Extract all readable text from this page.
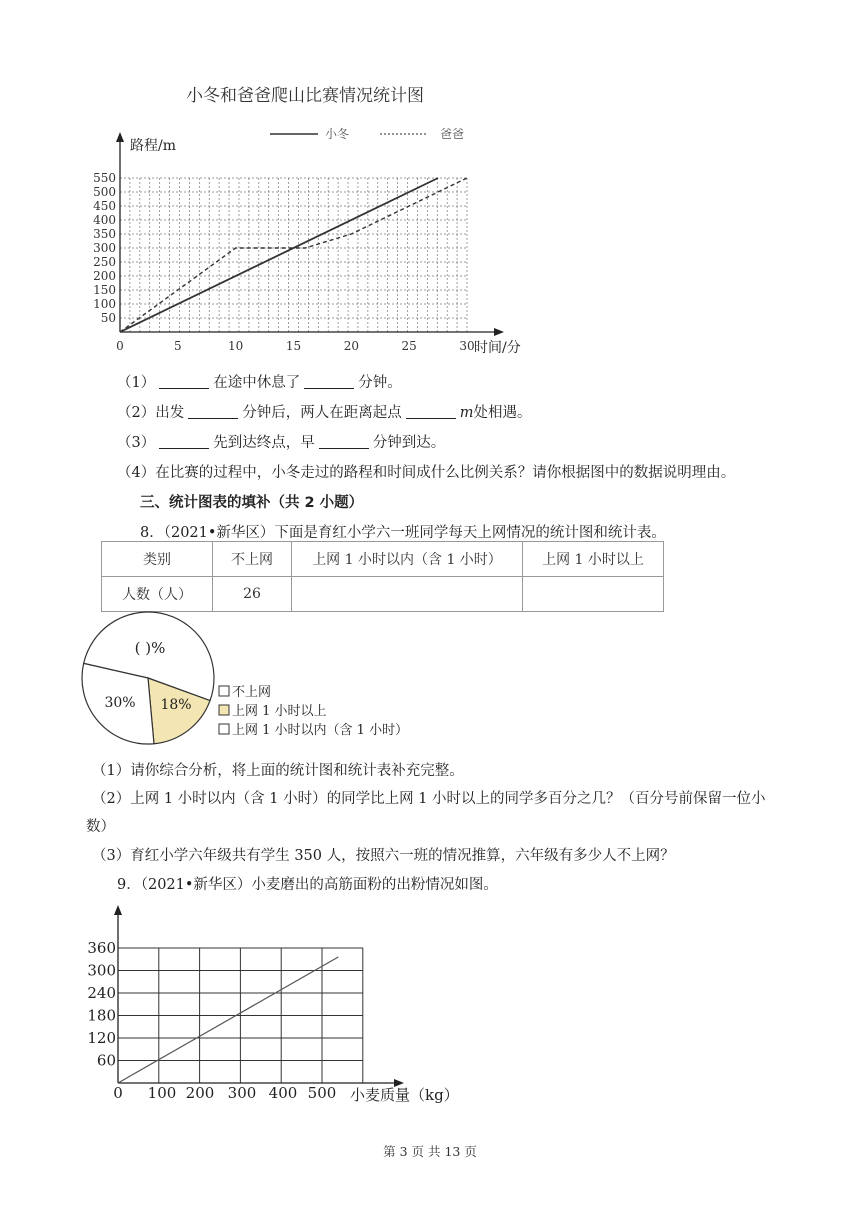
小冬和爸爸爬山比赛情况统计图
小冬	爸爸
路程/m
时间/分
50
100
150
200
250
300
350
400
450
500
550
0	5	10	15	20	25	30
（1）	在途中休息了	分钟。
（2）出发	分钟后，两人在距离起点	m处相遇。
（3）	先到达终点，早	分钟到达。
（4）在比赛的过程中，小冬走过的路程和时间成什么比例关系？请你根据图中的数据说明理由。
三、统计图表的填补（共 2 小题）
8．（2021•新华区）下面是育红小学六一班同学每天上网情况的统计图和统计表。
类别	不上网	上网 1 小时以内（含 1 小时）	上网 1 小时以上
人数（人）	26		
( )%
30% 18%
不上网
上网 1 小时以上
上网 1 小时以内（含 1 小时）
（1）请你综合分析，将上面的统计图和统计表补充完整。
（2）上网 1 小时以内（含 1 小时）的同学比上网 1 小时以上的同学多百分之几？（百分号前保留一位小
数）
（3）育红小学六年级共有学生 350 人，按照六一班的情况推算，六年级有多少人不上网？
9．（2021•新华区）小麦磨出的高筋面粉的出粉情况如图。
60
120
180
240
300
360
0 100 200 300 400 500 小麦质量（kg）
第 3 页 共 13 页
